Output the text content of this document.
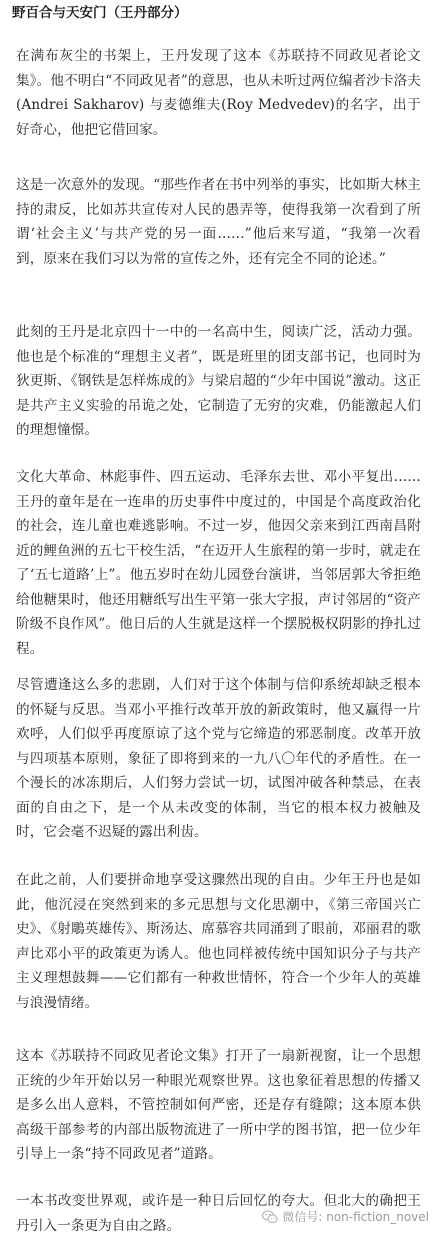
野百合与天安门（王丹部分）

在满布灰尘的书架上，王丹发现了这本《苏联持不同政见者论文集》。他不明白“不同政见者”的意思，也从未听过两位编者沙卡洛夫(Andrei Sakharov) 与麦德维夫(Roy Medvedev)的名字，出于好奇心，他把它借回家。

这是一次意外的发现。“那些作者在书中列举的事实，比如斯大林主持的肃反，比如苏共宣传对人民的愚弄等，使得我第一次看到了所谓‘社会主义’与共产党的另一面……”他后来写道，“我第一次看到，原来在我们习以为常的宣传之外，还有完全不同的论述。”

此刻的王丹是北京四十一中的一名高中生，阅读广泛，活动力强。他也是个标准的“理想主义者”，既是班里的团支部书记，也同时为狄更斯、《钢铁是怎样炼成的》与梁启超的“少年中国说”激动。这正是共产主义实验的吊诡之处，它制造了无穷的灾难，仍能激起人们的理想憧憬。

文化大革命、林彪事件、四五运动、毛泽东去世、邓小平复出……王丹的童年是在一连串的历史事件中度过的，中国是个高度政治化的社会，连儿童也难逃影响。不过一岁，他因父亲来到江西南昌附近的鲤鱼洲的五七干校生活，“在迈开人生旅程的第一步时，就走在了‘五七道路’上”。他五岁时在幼儿园登台演讲，当邻居郭大爷拒绝给他糖果时，他还用糖纸写出生平第一张大字报，声讨邻居的“资产阶级不良作风”。他日后的人生就是这样一个摆脱极权阴影的挣扎过程。

尽管遭逢这么多的悲剧，人们对于这个体制与信仰系统却缺乏根本的怀疑与反思。当邓小平推行改革开放的新政策时，他又赢得一片欢呼，人们似乎再度原谅了这个党与它缔造的邪恶制度。改革开放与四项基本原则，象征了即将到来的一九八〇年代的矛盾性。在一个漫长的冰冻期后，人们努力尝试一切，试图冲破各种禁忌，在表面的自由之下，是一个从未改变的体制，当它的根本权力被触及时，它会毫不迟疑的露出利齿。

在此之前，人们要拼命地享受这骤然出现的自由。少年王丹也是如此，他沉浸在突然到来的多元思想与文化思潮中，《第三帝国兴亡史》、《射鵰英雄传》、斯汤达、席慕容共同涌到了眼前，邓丽君的歌声比邓小平的政策更为诱人。他也同样被传统中国知识分子与共产主义理想鼓舞——它们都有一种救世情怀，符合一个少年人的英雄与浪漫情绪。

这本《苏联持不同政见者论文集》打开了一扇新视窗，让一个思想正统的少年开始以另一种眼光观察世界。这也象征着思想的传播又是多么出人意料，不管控制如何严密，还是存有缝隙；这本原本供高级干部参考的内部出版物流进了一所中学的图书馆，把一位少年引导上一条“持不同政见者”道路。

一本书改变世界观，或许是一种日后回忆的夸大。但北大的确把王丹引入一条更为自由之路。

微信号: non-fiction_novel
